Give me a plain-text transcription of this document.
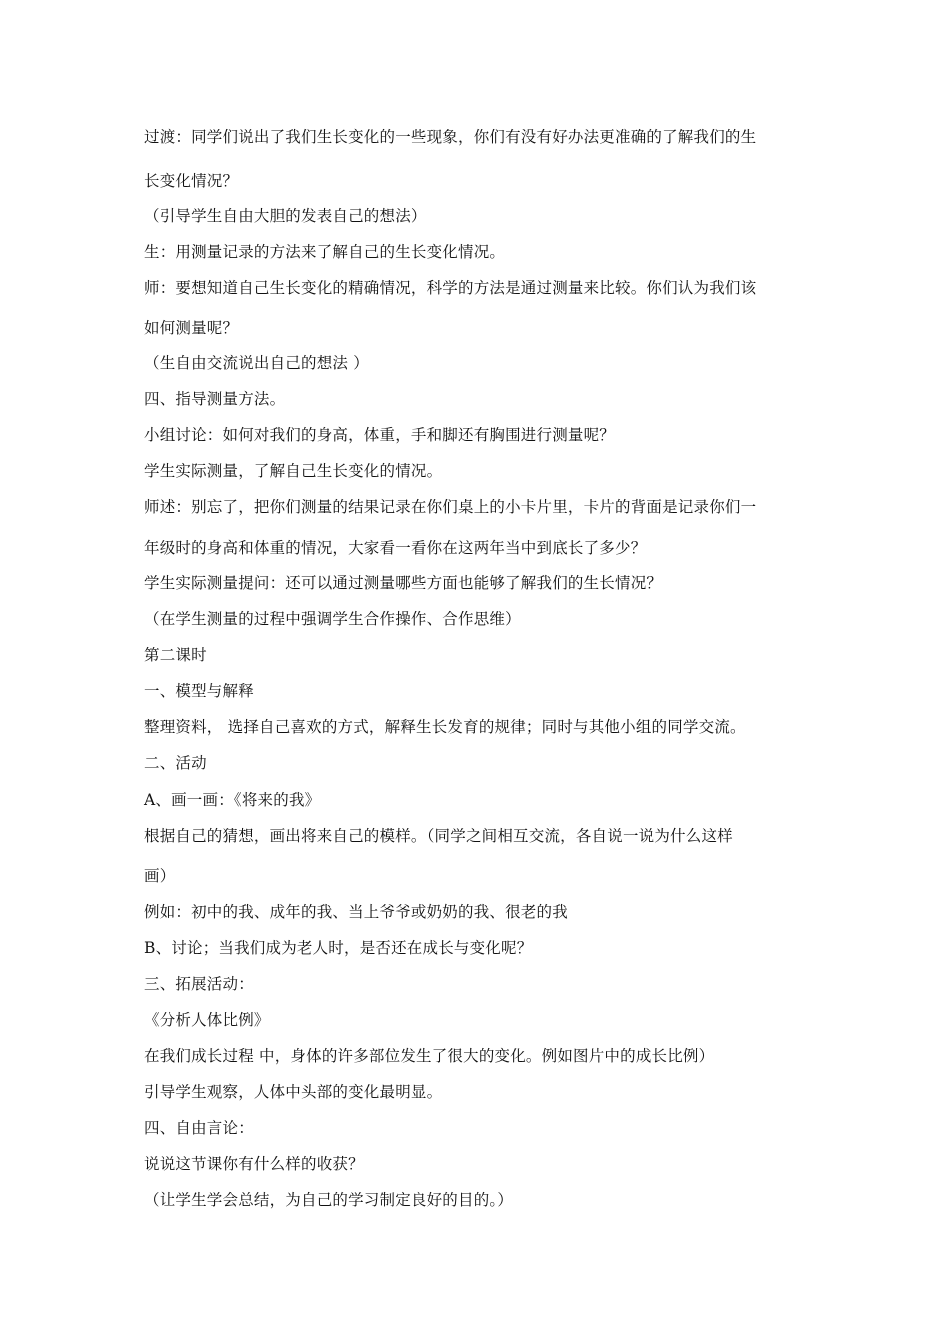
过渡：同学们说出了我们生长变化的一些现象，你们有没有好办法更准确的了解我们的生
长变化情况？
（引导学生自由大胆的发表自己的想法）
生：用测量记录的方法来了解自己的生长变化情况。
师：要想知道自己生长变化的精确情况，科学的方法是通过测量来比较。你们认为我们该
如何测量呢？
（生自由交流说出自己的想法 ）
四、指导测量方法。
小组讨论：如何对我们的身高，体重，手和脚还有胸围进行测量呢？
学生实际测量，了解自己生长变化的情况。
师述：别忘了，把你们测量的结果记录在你们桌上的小卡片里，卡片的背面是记录你们一
年级时的身高和体重的情况，大家看一看你在这两年当中到底长了多少？
学生实际测量提问：还可以通过测量哪些方面也能够了解我们的生长情况？
（在学生测量的过程中强调学生合作操作、合作思维）
第二课时
一、模型与解释
整理资料， 选择自己喜欢的方式，解释生长发育的规律；同时与其他小组的同学交流。
二、活动
A、画一画：《将来的我》
根据自己的猜想，画出将来自己的模样。（同学之间相互交流，各自说一说为什么这样
画）
例如：初中的我、成年的我、当上爷爷或奶奶的我、很老的我
B、讨论；当我们成为老人时，是否还在成长与变化呢？
三、拓展活动：
《分析人体比例》
在我们成长过程 中，身体的许多部位发生了很大的变化。例如图片中的成长比例）
引导学生观察，人体中头部的变化最明显。
四、自由言论：
说说这节课你有什么样的收获？
（让学生学会总结，为自己的学习制定良好的目的。）
